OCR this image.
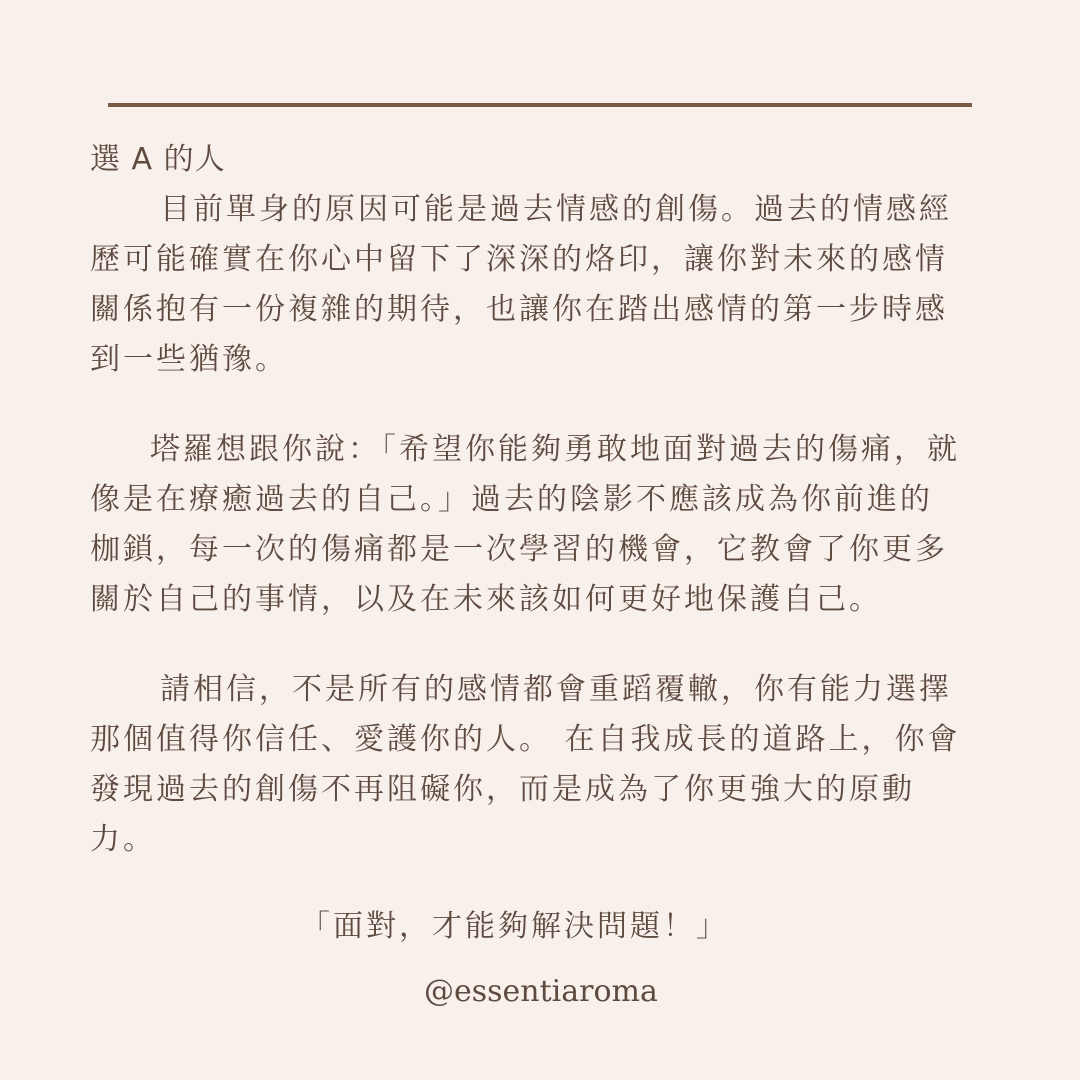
選 A 的人

目前單身的原因可能是過去情感的創傷。過去的情感經
歷可能確實在你心中留下了深深的烙印，讓你對未來的感情
關係抱有一份複雜的期待，也讓你在踏出感情的第一步時感
到一些猶豫。

塔羅想跟你說：「希望你能夠勇敢地面對過去的傷痛，就
像是在療癒過去的自己。」過去的陰影不應該成為你前進的
枷鎖，每一次的傷痛都是一次學習的機會，它教會了你更多
關於自己的事情，以及在未來該如何更好地保護自己。

請相信，不是所有的感情都會重蹈覆轍，你有能力選擇
那個值得你信任、愛護你的人。 在自我成長的道路上，你會
發現過去的創傷不再阻礙你，而是成為了你更強大的原動
力。

「面對，才能夠解決問題！」
@essentiaroma
